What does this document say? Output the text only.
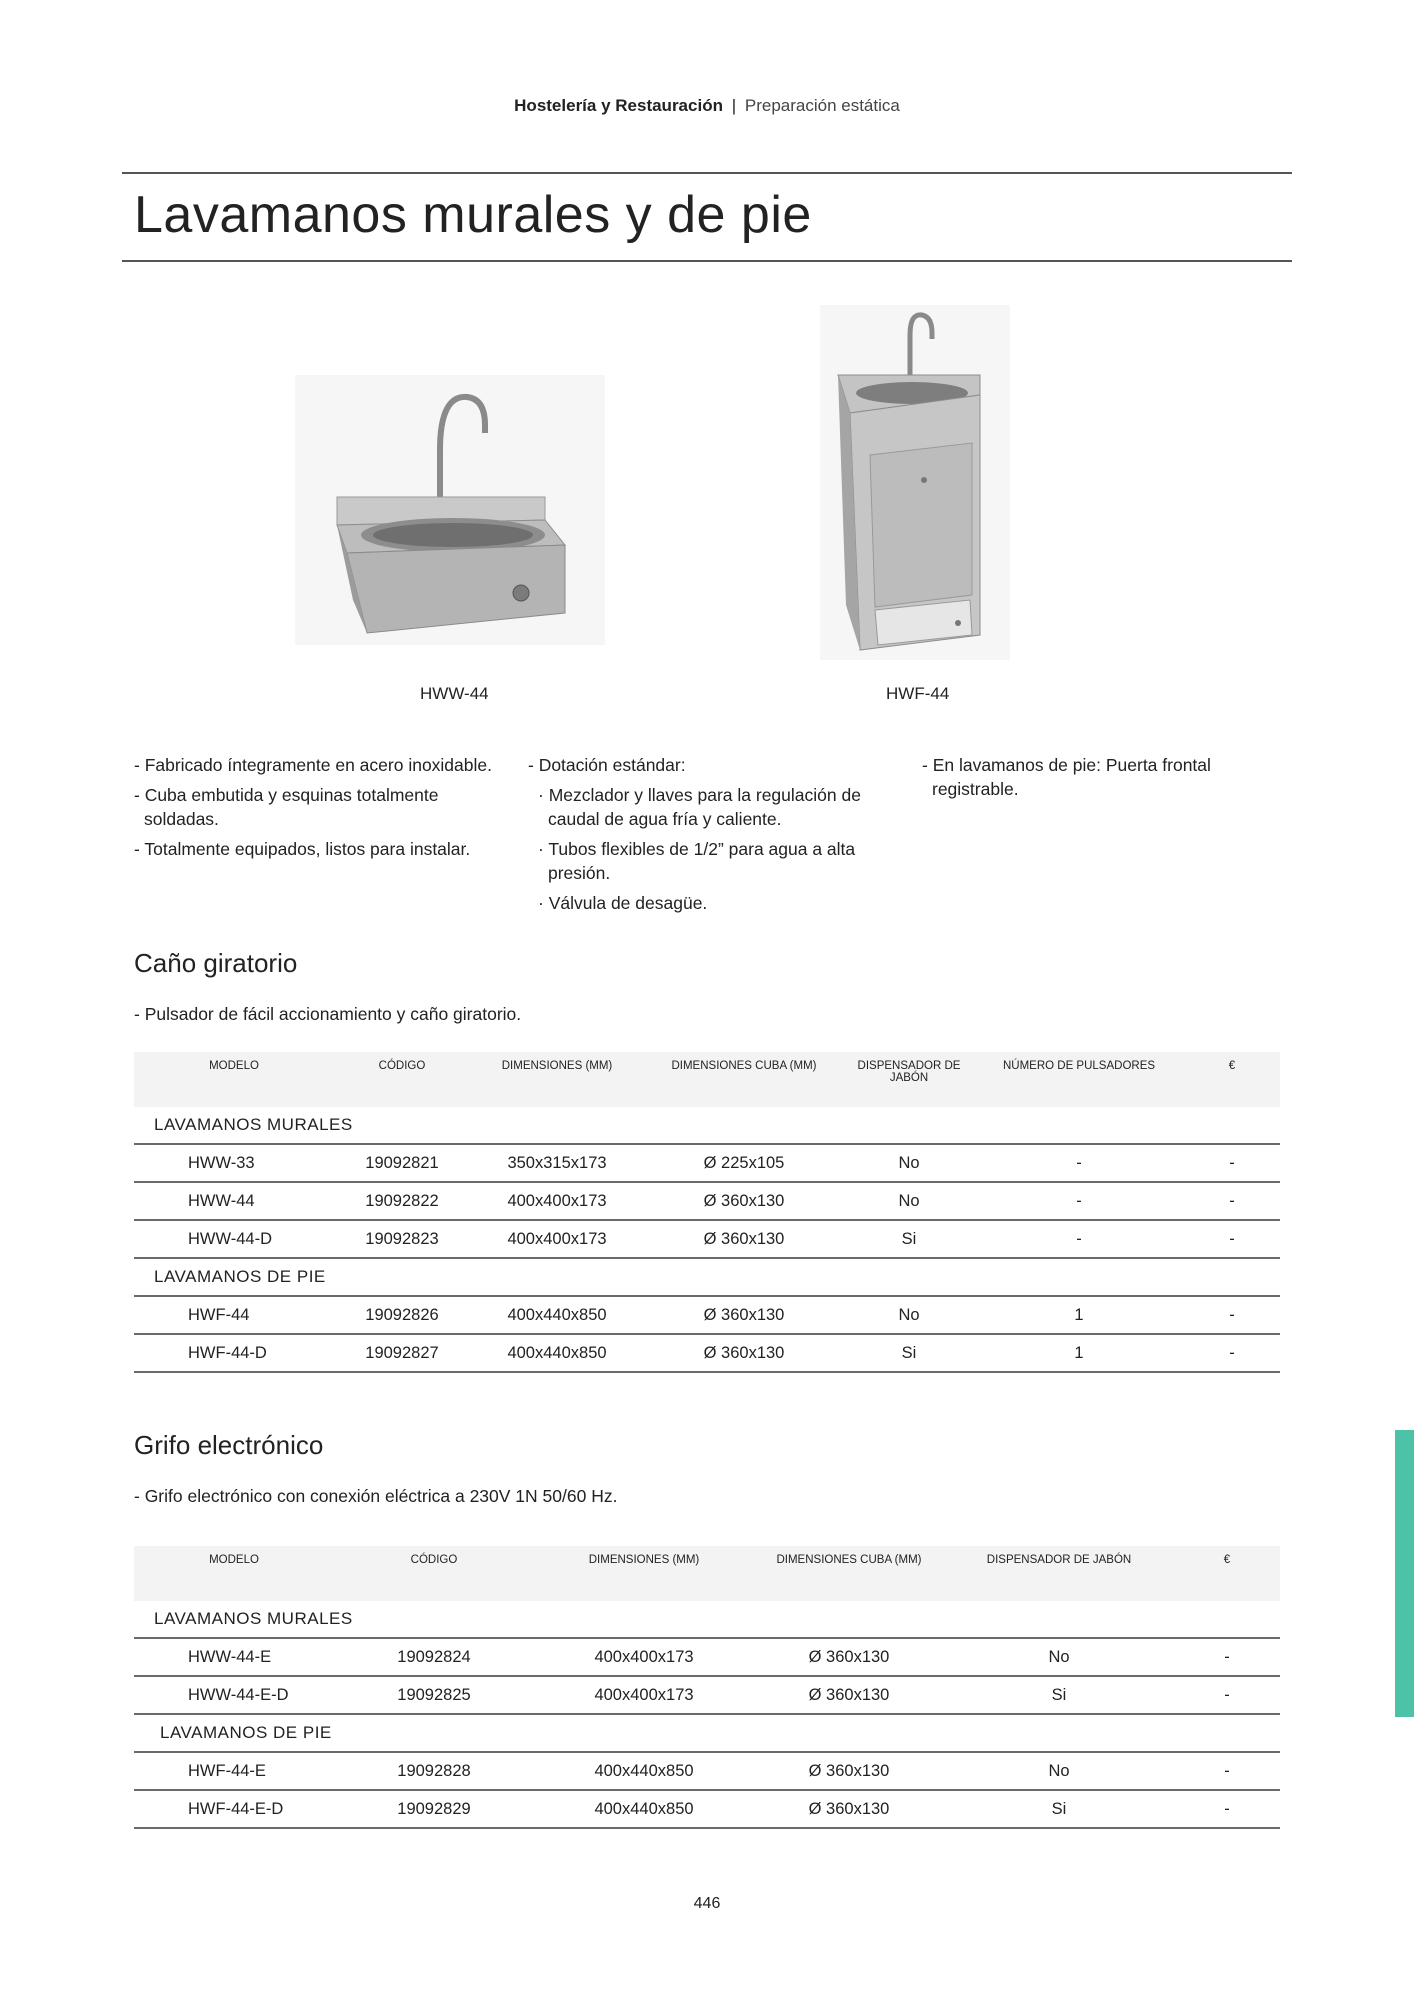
Hostelería y Restauración | Preparación estática
Lavamanos murales y de pie
HWW-44	HWF-44
- Fabricado íntegramente en acero inoxidable.
- Cuba embutida y esquinas totalmente soldadas.
- Totalmente equipados, listos para instalar.
- Dotación estándar:
· Mezclador y llaves para la regulación de caudal de agua fría y caliente.
· Tubos flexibles de 1/2” para agua a alta presión.
· Válvula de desagüe.
- En lavamanos de pie: Puerta frontal registrable.
Caño giratorio
- Pulsador de fácil accionamiento y caño giratorio.
MODELO	CÓDIGO	DIMENSIONES (MM)	DIMENSIONES CUBA (MM)	DISPENSADOR DE JABÓN	NÚMERO DE PULSADORES	€
LAVAMANOS MURALES						
HWW-33	19092821	350x315x173	Ø 225x105	No	-	-
HWW-44	19092822	400x400x173	Ø 360x130	No	-	-
HWW-44-D	19092823	400x400x173	Ø 360x130	Si	-	-
LAVAMANOS DE PIE						
HWF-44	19092826	400x440x850	Ø 360x130	No	1	-
HWF-44-D	19092827	400x440x850	Ø 360x130	Si	1	-
Grifo electrónico
- Grifo electrónico con conexión eléctrica a 230V 1N 50/60 Hz.
MODELO	CÓDIGO	DIMENSIONES (MM)	DIMENSIONES CUBA (MM)	DISPENSADOR DE JABÓN	€
LAVAMANOS MURALES					
HWW-44-E	19092824	400x400x173	Ø 360x130	No	-
HWW-44-E-D	19092825	400x400x173	Ø 360x130	Si	-
LAVAMANOS DE PIE					
HWF-44-E	19092828	400x440x850	Ø 360x130	No	-
HWF-44-E-D	19092829	400x440x850	Ø 360x130	Si	-
446
